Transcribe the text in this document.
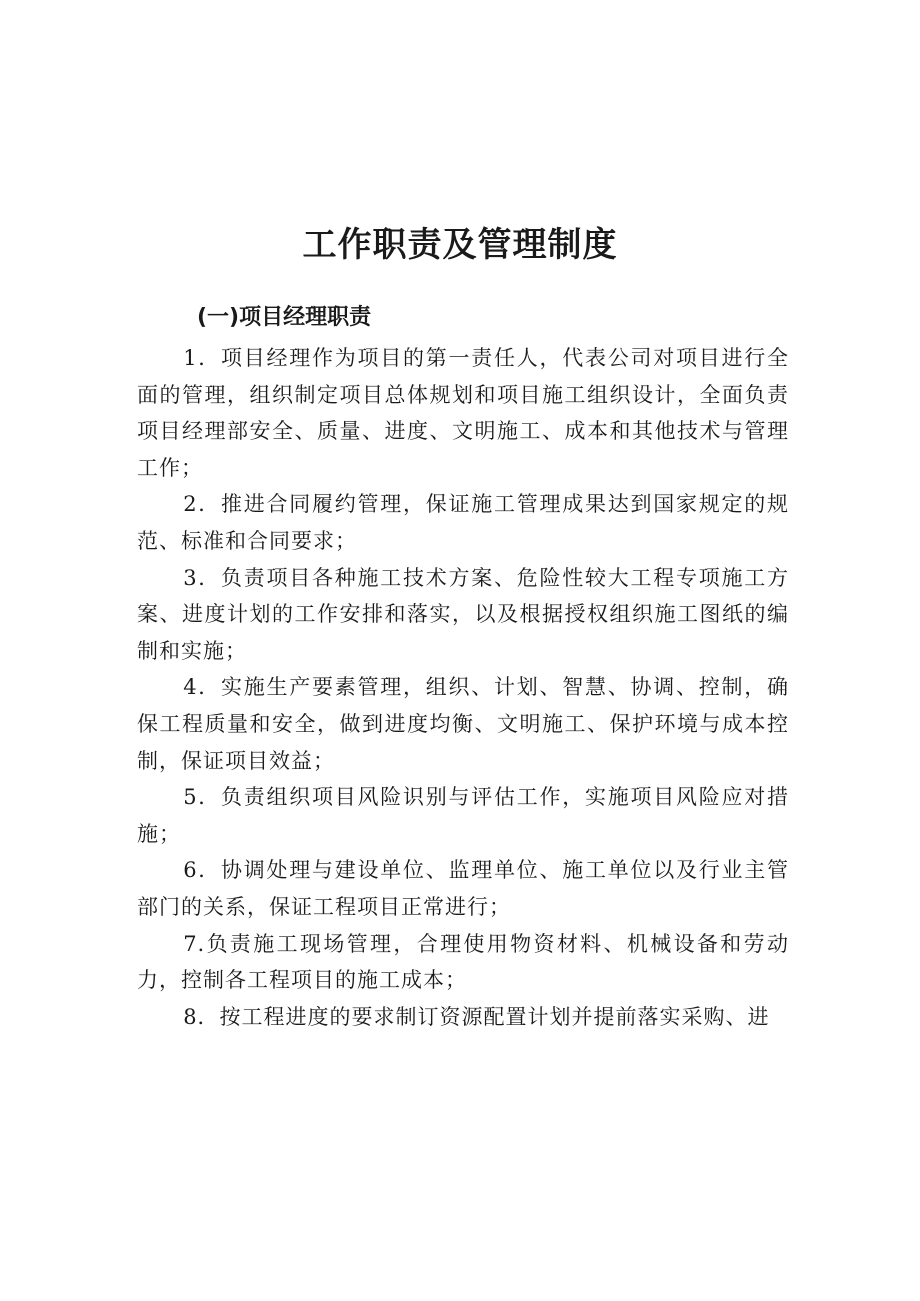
工作职责及管理制度
(一)项目经理职责

1．项目经理作为项目的第一责任人，代表公司对项目进行全面的管理，组织制定项目总体规划和项目施工组织设计，全面负责项目经理部安全、质量、进度、文明施工、成本和其他技术与管理工作；

2．推进合同履约管理，保证施工管理成果达到国家规定的规范、标准和合同要求；

3．负责项目各种施工技术方案、危险性较大工程专项施工方案、进度计划的工作安排和落实，以及根据授权组织施工图纸的编制和实施；

4．实施生产要素管理，组织、计划、智慧、协调、控制，确保工程质量和安全，做到进度均衡、文明施工、保护环境与成本控制，保证项目效益；

5．负责组织项目风险识别与评估工作，实施项目风险应对措施；

6．协调处理与建设单位、监理单位、施工单位以及行业主管部门的关系，保证工程项目正常进行；

7.负责施工现场管理，合理使用物资材料、机械设备和劳动力，控制各工程项目的施工成本；

8．按工程进度的要求制订资源配置计划并提前落实采购、进
